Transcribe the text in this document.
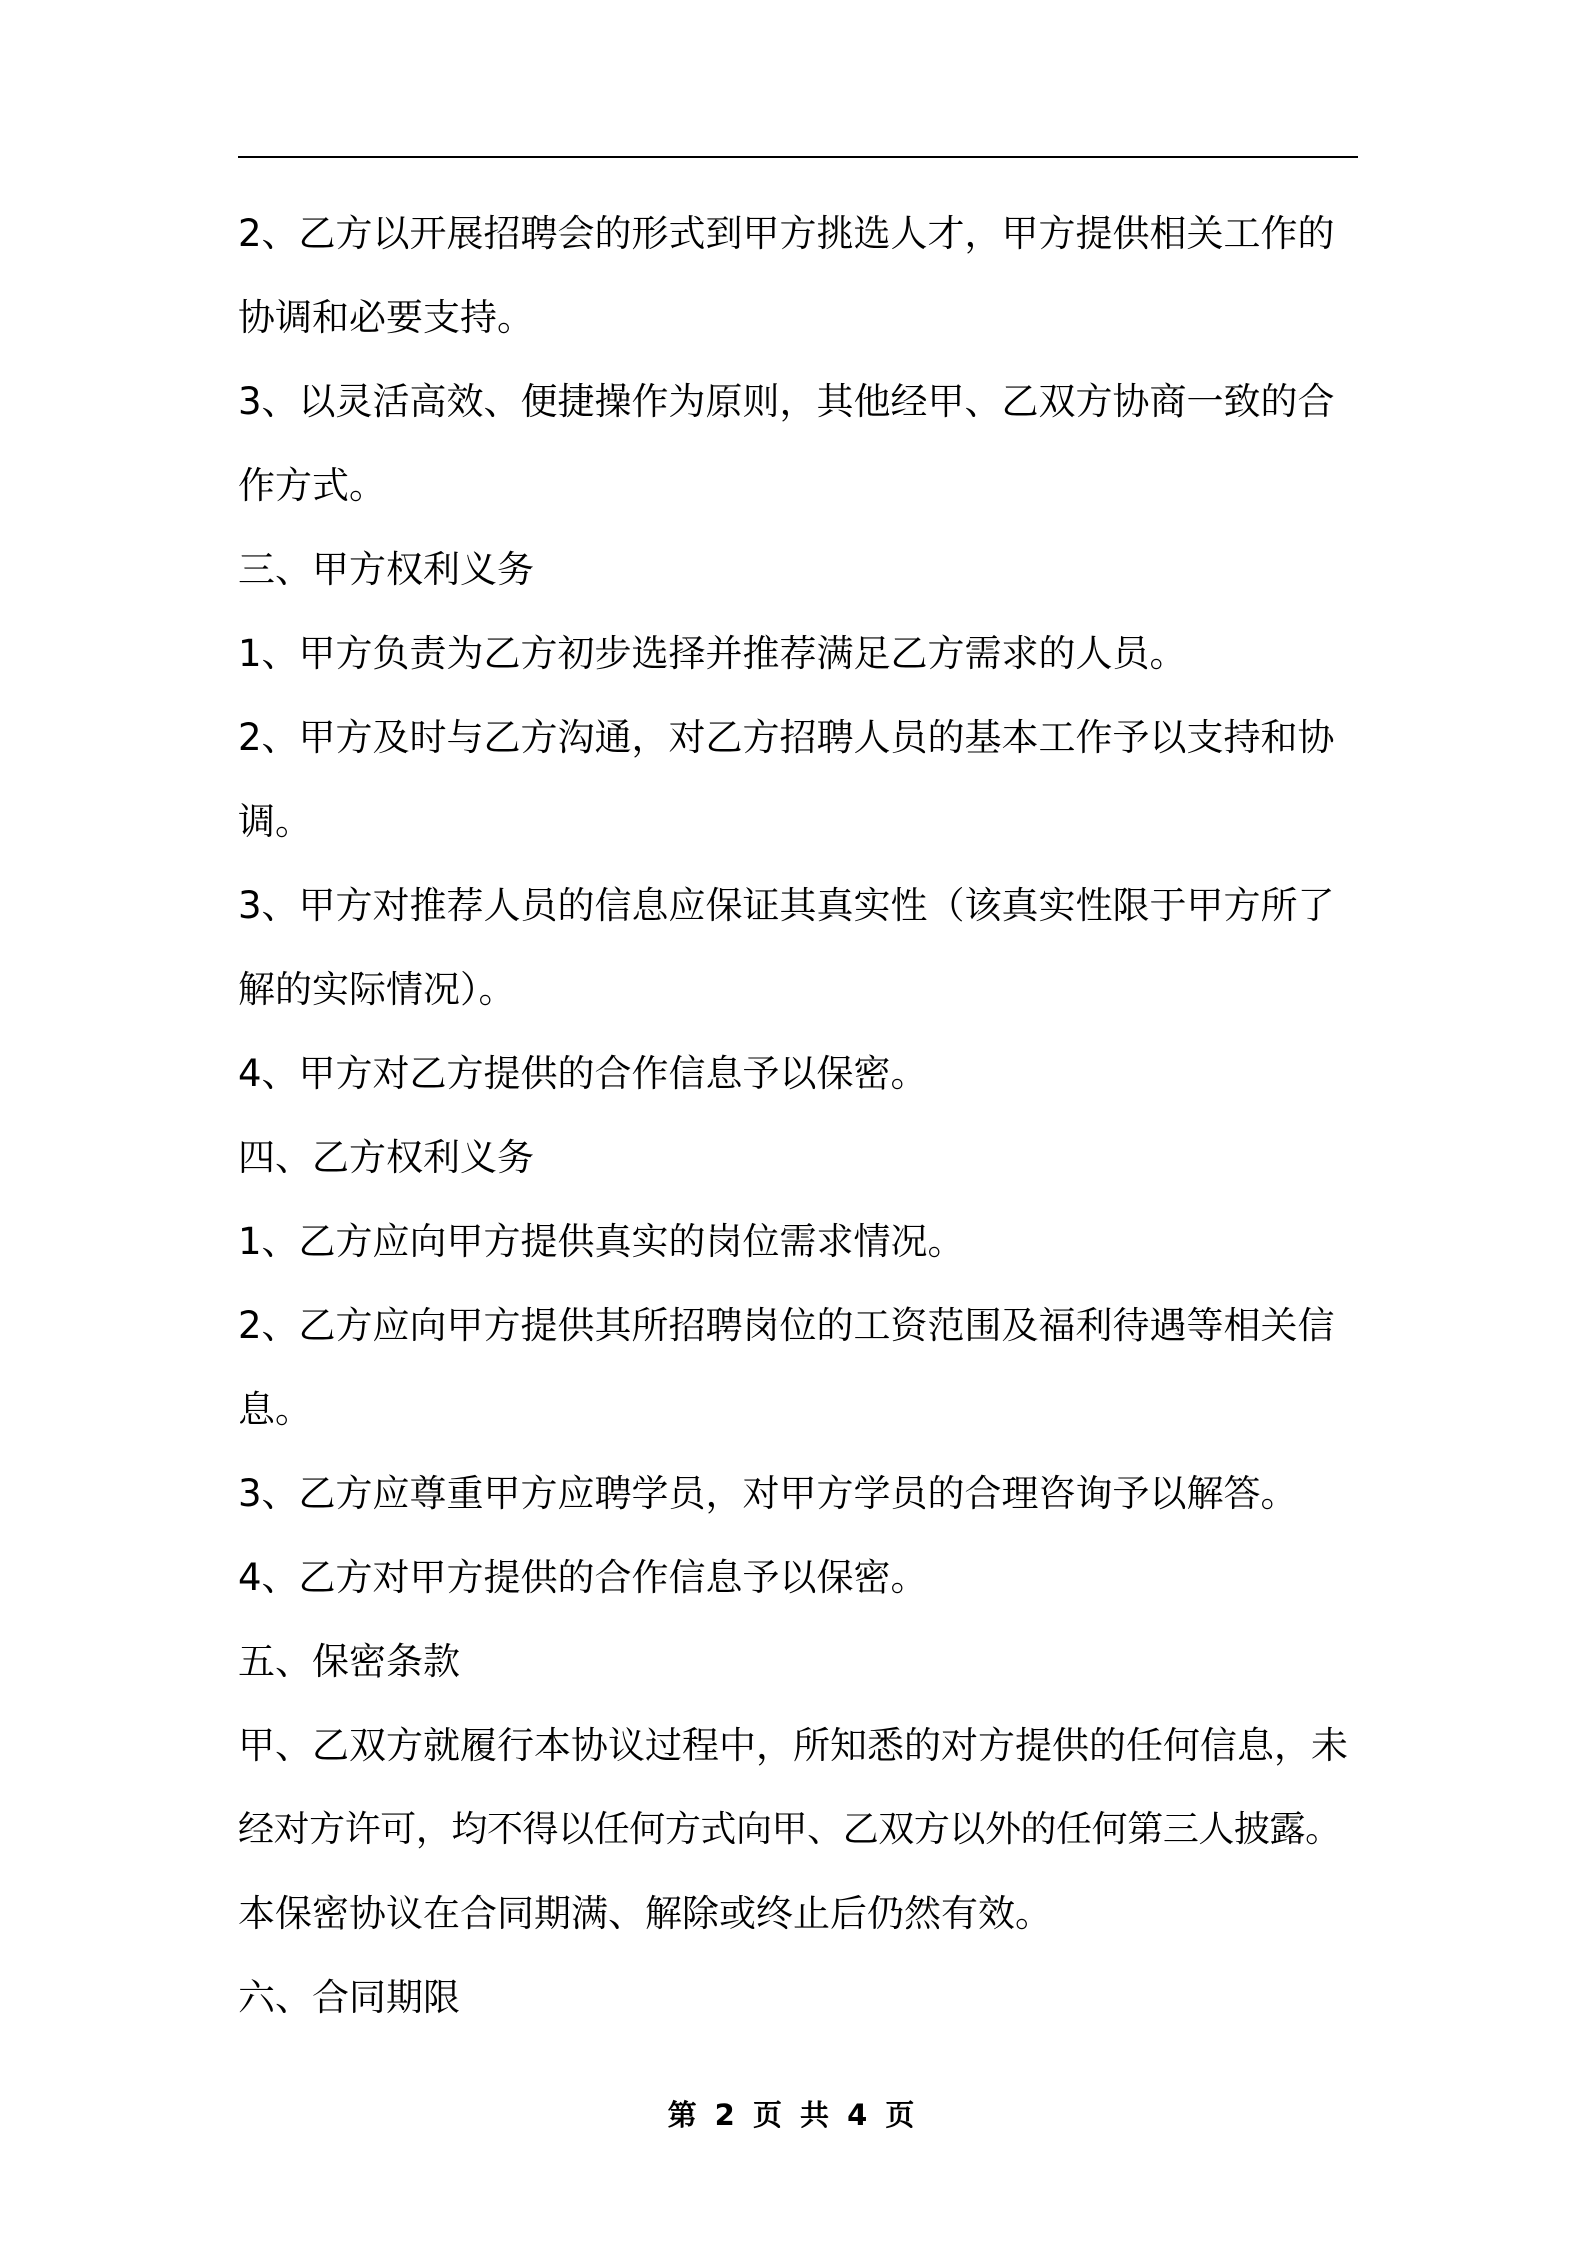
2、乙方以开展招聘会的形式到甲方挑选人才，甲方提供相关工作的
协调和必要支持。
3、以灵活高效、便捷操作为原则，其他经甲、乙双方协商一致的合
作方式。
三、甲方权利义务
1、甲方负责为乙方初步选择并推荐满足乙方需求的人员。
2、甲方及时与乙方沟通，对乙方招聘人员的基本工作予以支持和协
调。
3、甲方对推荐人员的信息应保证其真实性（该真实性限于甲方所了
解的实际情况）。
4、甲方对乙方提供的合作信息予以保密。
四、乙方权利义务
1、乙方应向甲方提供真实的岗位需求情况。
2、乙方应向甲方提供其所招聘岗位的工资范围及福利待遇等相关信
息。
3、乙方应尊重甲方应聘学员，对甲方学员的合理咨询予以解答。
4、乙方对甲方提供的合作信息予以保密。
五、保密条款
甲、乙双方就履行本协议过程中，所知悉的对方提供的任何信息，未
经对方许可，均不得以任何方式向甲、乙双方以外的任何第三人披露。
本保密协议在合同期满、解除或终止后仍然有效。
六、合同期限
第 2 页 共 4 页
